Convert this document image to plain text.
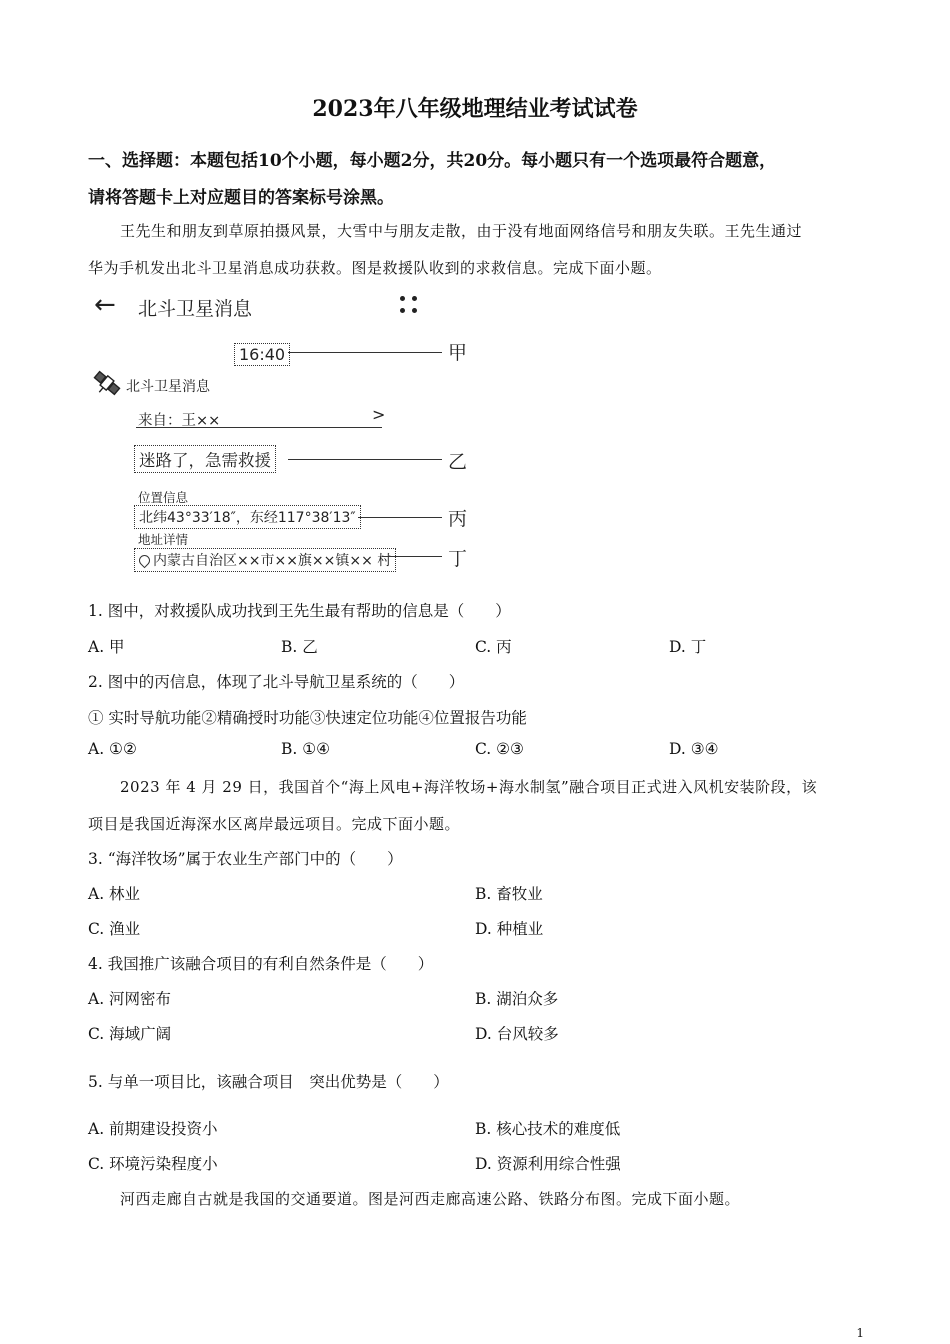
2023年八年级地理结业考试试卷
一、选择题：本题包括10个小题，每小题2分，共20分。每小题只有一个选项最符合题意，
请将答题卡上对应题目的答案标号涂黑。
王先生和朋友到草原拍摄风景，大雪中与朋友走散，由于没有地面网络信号和朋友失联。王先生通过
华为手机发出北斗卫星消息成功获救。图是救援队收到的求救信息。完成下面小题。
← 北斗卫星消息
16:40	甲
北斗卫星消息
来自：王××	>
迷路了，急需救援	乙
位置信息
北纬43°33′18″，东经117°38′13″	丙
地址详情
内蒙古自治区××市××旗××镇×× 村	丁
1. 图中，对救援队成功找到王先生最有帮助的信息是（　　）
A. 甲	B. 乙	C. 丙	D. 丁
2. 图中的丙信息，体现了北斗导航卫星系统的（　　）
① 实时导航功能②精确授时功能③快速定位功能④位置报告功能
A. ①②	B. ①④	C. ②③	D. ③④
2023 年 4 月 29 日，我国首个“海上风电+海洋牧场+海水制氢”融合项目正式进入风机安装阶段，该
项目是我国近海深水区离岸最远项目。完成下面小题。
3. “海洋牧场”属于农业生产部门中的（　　）
A. 林业	B. 畜牧业
C. 渔业	D. 种植业
4. 我国推广该融合项目的有利自然条件是（　　）
A. 河网密布	B. 湖泊众多
C. 海域广阔	D. 台风较多
5. 与单一项目比，该融合项目　突出优势是（　　）
A. 前期建设投资小	B. 核心技术的难度低
C. 环境污染程度小	D. 资源利用综合性强
河西走廊自古就是我国的交通要道。图是河西走廊高速公路、铁路分布图。完成下面小题。
1
